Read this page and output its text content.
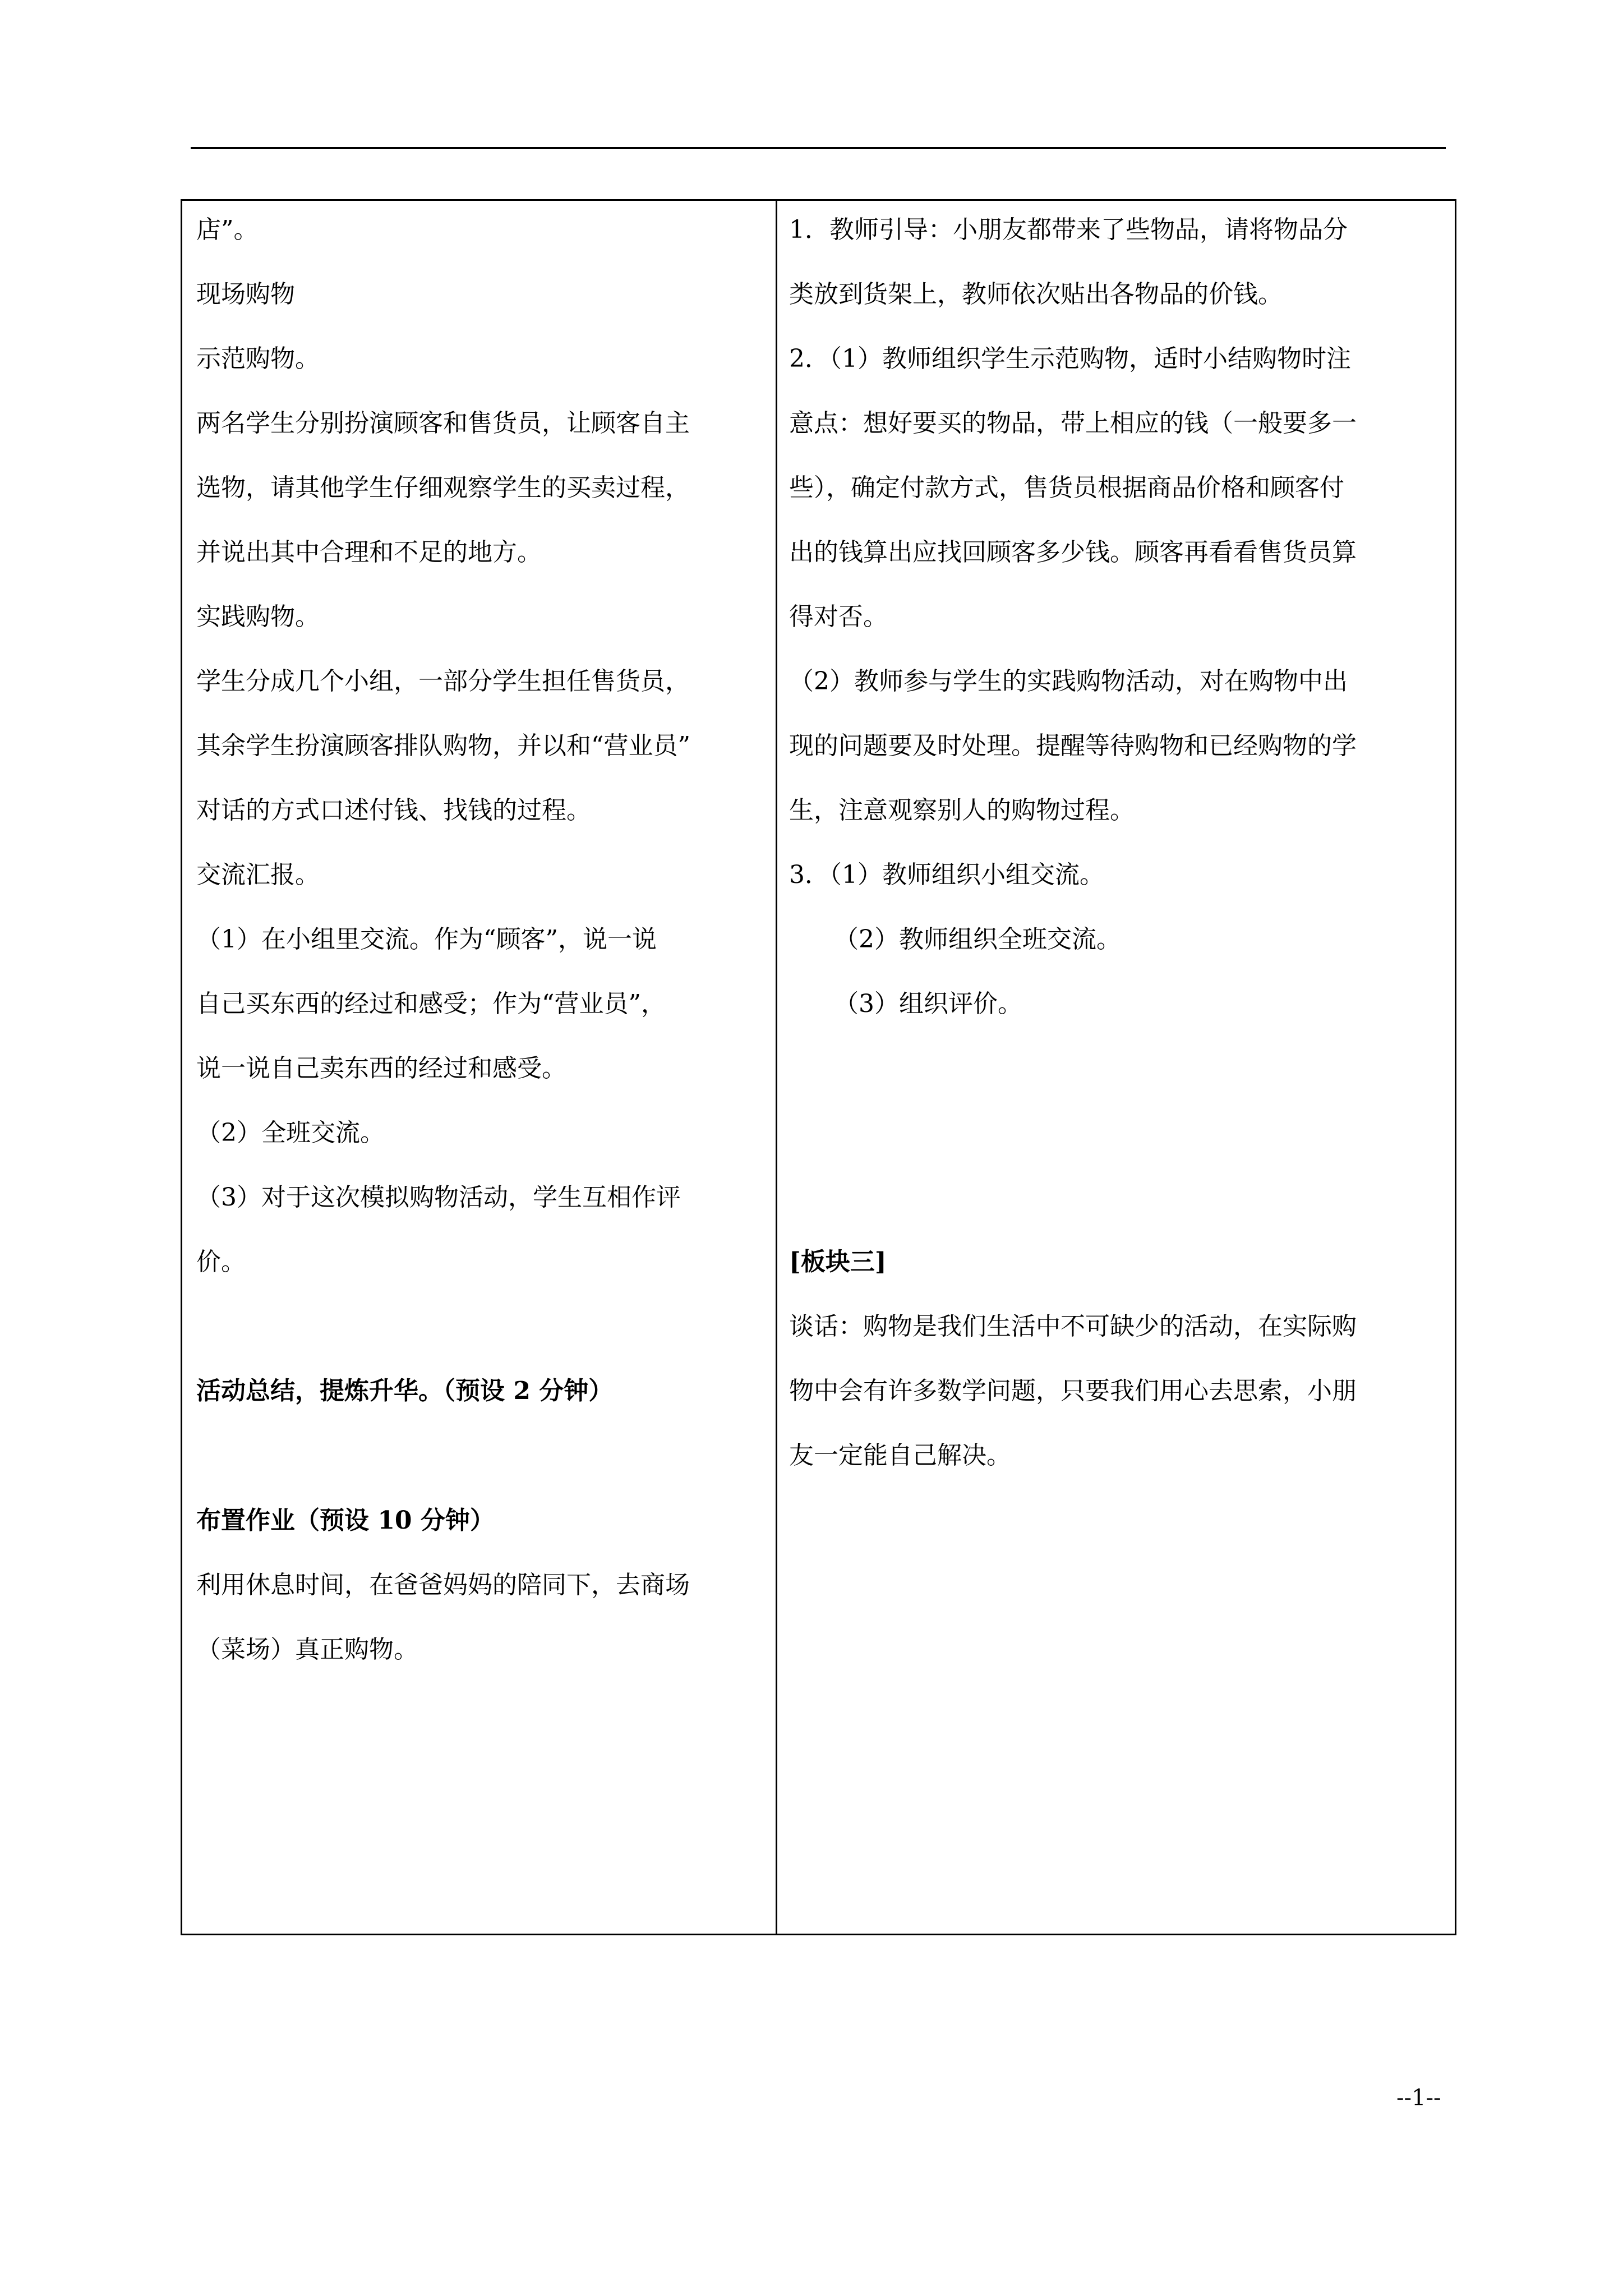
店”。
现场购物
示范购物。
两名学生分别扮演顾客和售货员，让顾客自主
选物，请其他学生仔细观察学生的买卖过程，
并说出其中合理和不足的地方。
实践购物。
学生分成几个小组，一部分学生担任售货员，
其余学生扮演顾客排队购物，并以和“营业员”
对话的方式口述付钱、找钱的过程。
交流汇报。
（1）在小组里交流。作为“顾客”，说一说
自己买东西的经过和感受；作为“营业员”，
说一说自己卖东西的经过和感受。
（2）全班交流。
（3）对于这次模拟购物活动，学生互相作评
价。
活动总结，提炼升华。（预设 2 分钟）
布置作业（预设 10 分钟）
利用休息时间，在爸爸妈妈的陪同下，去商场
（菜场）真正购物。
1．教师引导：小朋友都带来了些物品，请将物品分
类放到货架上，教师依次贴出各物品的价钱。
2．（1）教师组织学生示范购物，适时小结购物时注
意点：想好要买的物品，带上相应的钱（一般要多一
些），确定付款方式，售货员根据商品价格和顾客付
出的钱算出应找回顾客多少钱。顾客再看看售货员算
得对否。
（2）教师参与学生的实践购物活动，对在购物中出
现的问题要及时处理。提醒等待购物和已经购物的学
生，注意观察别人的购物过程。
3．（1）教师组织小组交流。
（2）教师组织全班交流。
（3）组织评价。
[板块三]
谈话：购物是我们生活中不可缺少的活动，在实际购
物中会有许多数学问题，只要我们用心去思索，小朋
友一定能自己解决。
--1--
